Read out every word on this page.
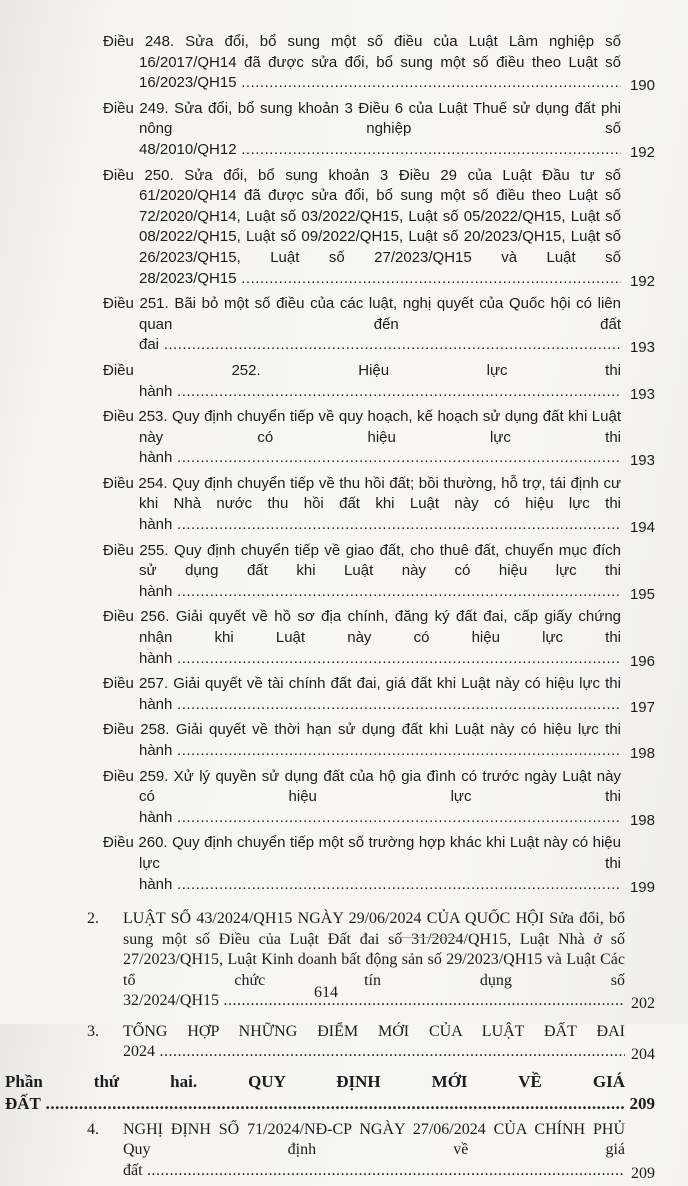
Điều 248. Sửa đổi, bổ sung một số điều của Luật Lâm nghiệp số 16/2017/QH14 đã được sửa đổi, bổ sung một số điều theo Luật số 16/2023/QH15 .....	190
Điều 249. Sửa đổi, bổ sung khoản 3 Điều 6 của Luật Thuế sử dụng đất phi nông nghiệp số 48/2010/QH12 .....	192
Điều 250. Sửa đổi, bổ sung khoản 3 Điều 29 của Luật Đầu tư số 61/2020/QH14 đã được sửa đổi, bổ sung một số điều theo Luật số 72/2020/QH14, Luật số 03/2022/QH15, Luật số 05/2022/QH15, Luật số 08/2022/QH15, Luật số 09/2022/QH15, Luật số 20/2023/QH15, Luật số 26/2023/QH15, Luật số 27/2023/QH15 và Luật số 28/2023/QH15 .....	192
Điều 251. Bãi bỏ một số điều của các luật, nghị quyết của Quốc hội có liên quan đến đất đai .....	193
Điều 252. Hiệu lực thi hành .....	193
Điều 253. Quy định chuyển tiếp về quy hoạch, kế hoạch sử dụng đất khi Luật này có hiệu lực thi hành .....	193
Điều 254. Quy định chuyển tiếp về thu hồi đất; bồi thường, hỗ trợ, tái định cư khi Nhà nước thu hồi đất khi Luật này có hiệu lực thi hành .....	194
Điều 255. Quy định chuyển tiếp về giao đất, cho thuê đất, chuyển mục đích sử dụng đất khi Luật này có hiệu lực thi hành .....	195
Điều 256. Giải quyết về hồ sơ địa chính, đăng ký đất đai, cấp giấy chứng nhận khi Luật này có hiệu lực thi hành .....	196
Điều 257. Giải quyết về tài chính đất đai, giá đất khi Luật này có hiệu lực thi hành .....	197
Điều 258. Giải quyết về thời hạn sử dụng đất khi Luật này có hiệu lực thi hành .....	198
Điều 259. Xử lý quyền sử dụng đất của hộ gia đình có trước ngày Luật này có hiệu lực thi hành .....	198
Điều 260. Quy định chuyển tiếp một số trường hợp khác khi Luật này có hiệu lực thi hành .....	199
2. LUẬT SỐ 43/2024/QH15 NGÀY 29/06/2024 CỦA QUỐC HỘI Sửa đổi, bổ sung một số Điều của Luật Đất đai số 31/2024/QH15, Luật Nhà ở số 27/2023/QH15, Luật Kinh doanh bất động sản số 29/2023/QH15 và Luật Các tổ chức tín dụng số 32/2024/QH15 .....	202
3. TỔNG HỢP NHỮNG ĐIỂM MỚI CỦA LUẬT ĐẤT ĐAI 2024 .....	204
Phần thứ hai. QUY ĐỊNH MỚI VỀ GIÁ ĐẤT .....	209
4. NGHỊ ĐỊNH SỐ 71/2024/NĐ-CP NGÀY 27/06/2024 CỦA CHÍNH PHỦ Quy định về giá đất .....	209
614
